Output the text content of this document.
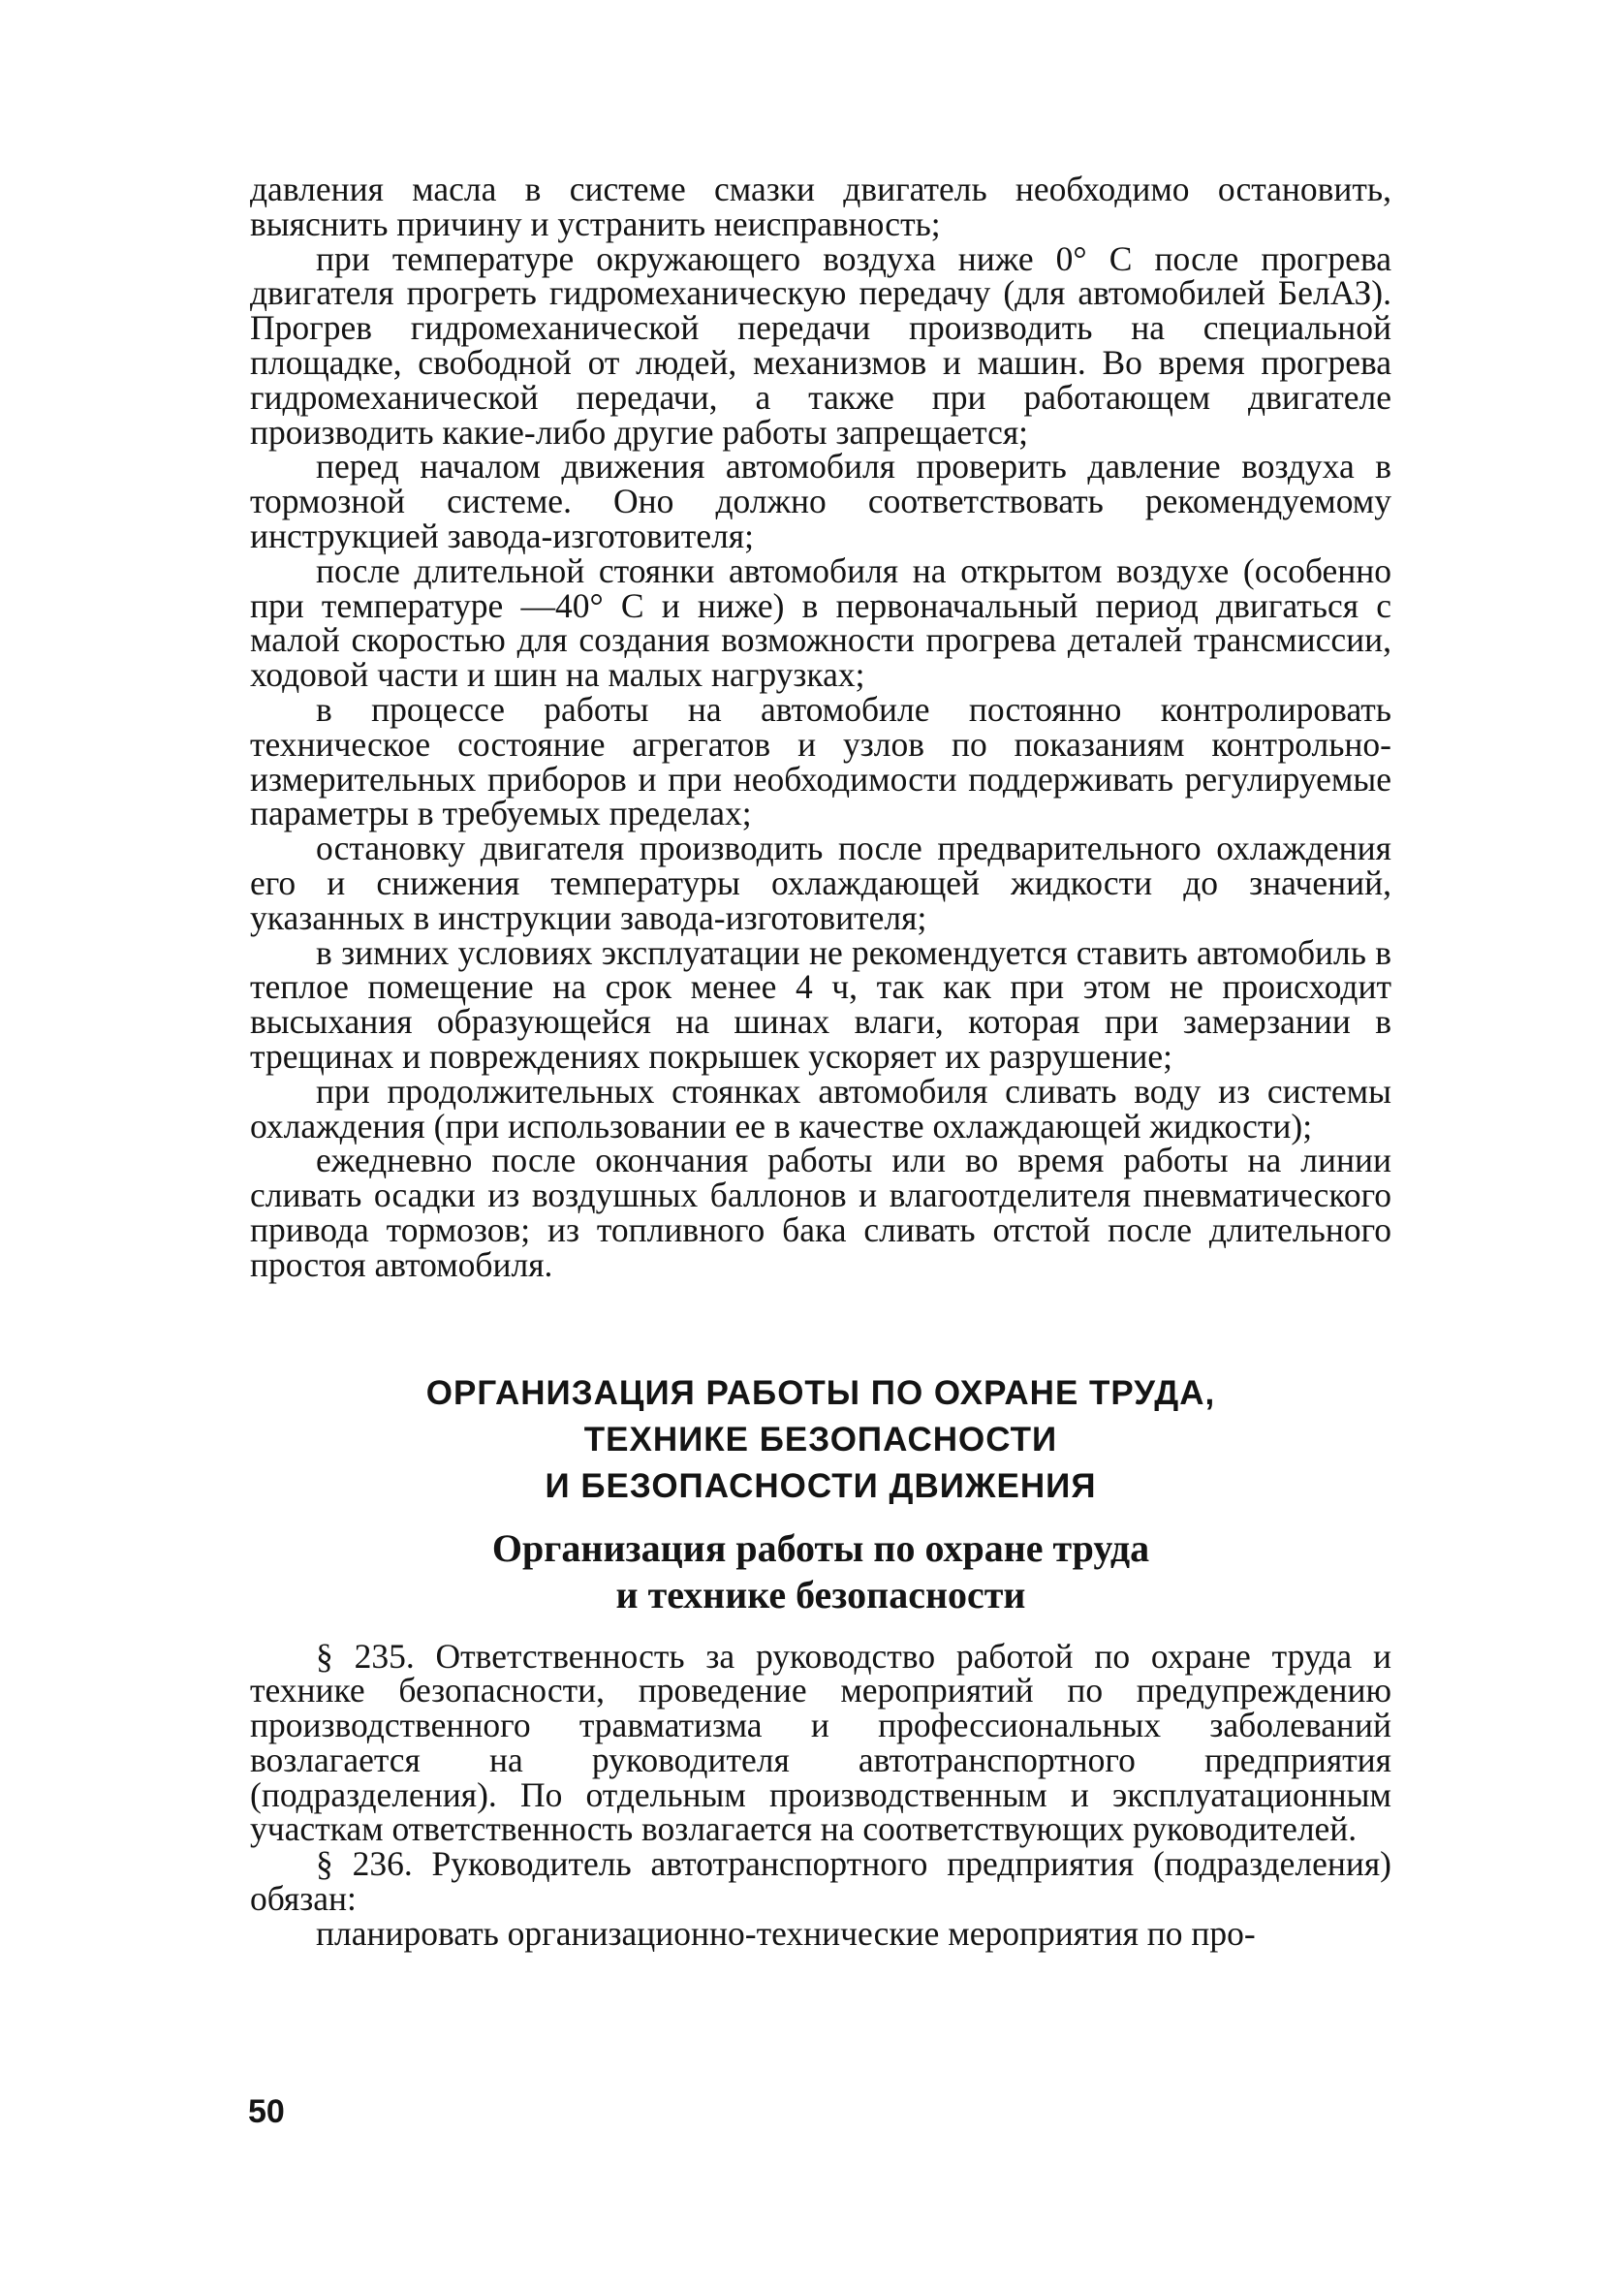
давления масла в системе смазки двигатель необходимо остановить, выяснить причину и устранить неисправность;

при температуре окружающего воздуха ниже 0° С после прогрева двигателя прогреть гидромеханическую передачу (для автомобилей БелАЗ). Прогрев гидромеханической передачи производить на специальной площадке, свободной от людей, механизмов и машин. Во время прогрева гидромеханической передачи, а также при работающем двигателе производить какие-либо другие работы запрещается;

перед началом движения автомобиля проверить давление воздуха в тормозной системе. Оно должно соответствовать рекомендуемому инструкцией завода-изготовителя;

после длительной стоянки автомобиля на открытом воздухе (особенно при температуре —40° С и ниже) в первоначальный период двигаться с малой скоростью для создания возможности прогрева деталей трансмиссии, ходовой части и шин на малых нагрузках;

в процессе работы на автомобиле постоянно контролировать техническое состояние агрегатов и узлов по показаниям контрольно-измерительных приборов и при необходимости поддерживать регулируемые параметры в требуемых пределах;

остановку двигателя производить после предварительного охлаждения его и снижения температуры охлаждающей жидкости до значений, указанных в инструкции завода-изготовителя;

в зимних условиях эксплуатации не рекомендуется ставить автомобиль в теплое помещение на срок менее 4 ч, так как при этом не происходит высыхания образующейся на шинах влаги, которая при замерзании в трещинах и повреждениях покрышек ускоряет их разрушение;

при продолжительных стоянках автомобиля сливать воду из системы охлаждения (при использовании ее в качестве охлаждающей жидкости);

ежедневно после окончания работы или во время работы на линии сливать осадки из воздушных баллонов и влагоотделителя пневматического привода тормозов; из топливного бака сливать отстой после длительного простоя автомобиля.

ОРГАНИЗАЦИЯ РАБОТЫ ПО ОХРАНЕ ТРУДА,
ТЕХНИКЕ БЕЗОПАСНОСТИ
И БЕЗОПАСНОСТИ ДВИЖЕНИЯ
Организация работы по охране труда
и технике безопасности

§ 235. Ответственность за руководство работой по охране труда и технике безопасности, проведение мероприятий по предупреждению производственного травматизма и профессиональных заболеваний возлагается на руководителя автотранспортного предприятия (подразделения). По отдельным производственным и эксплуатационным участкам ответственность возлагается на соответствующих руководителей.

§ 236. Руководитель автотранспортного предприятия (подразделения) обязан:

планировать организационно-технические мероприятия по про-

50
